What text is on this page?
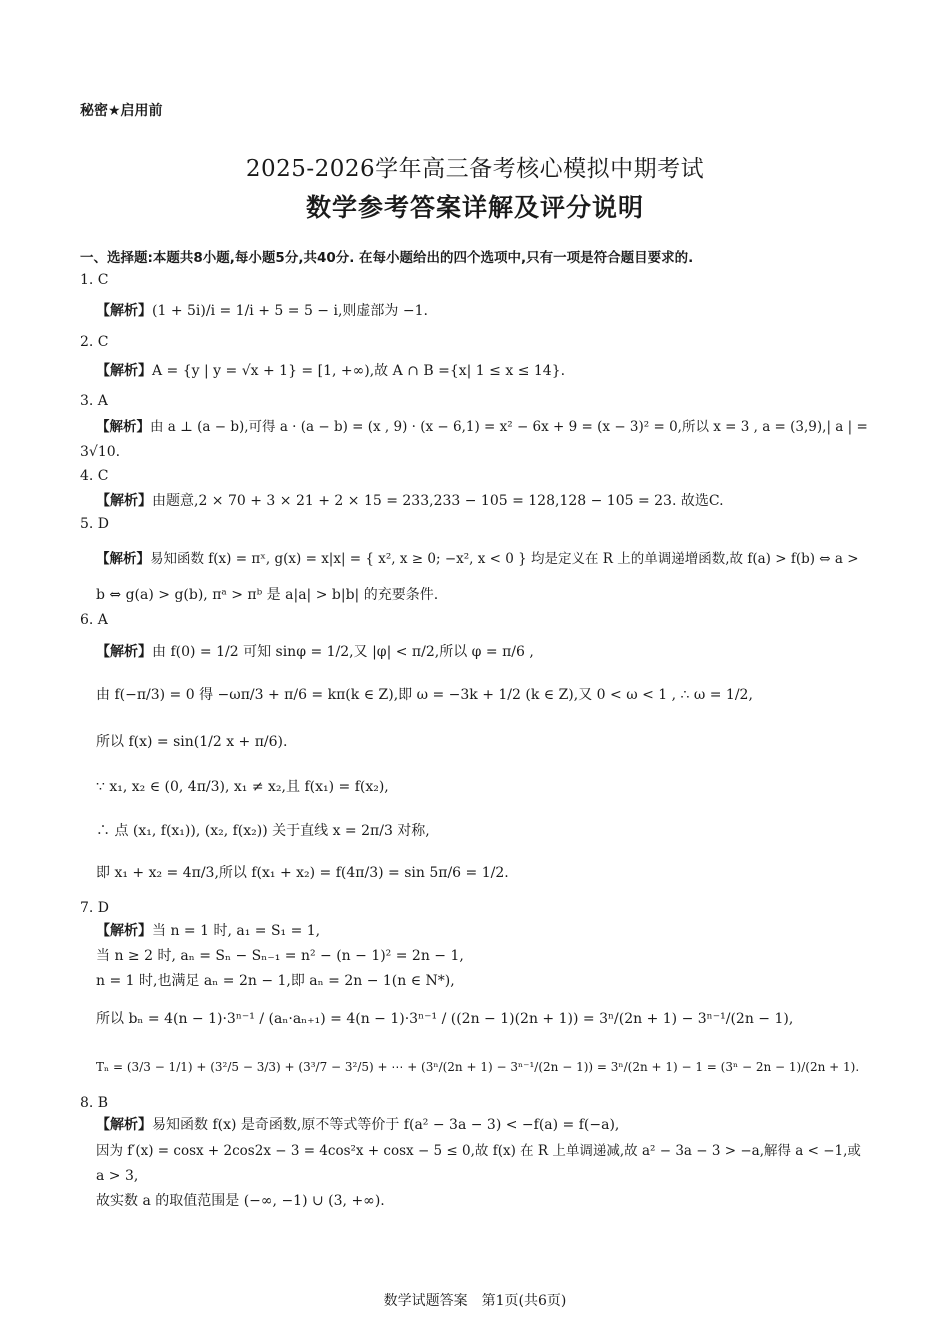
秘密★启用前
2025-2026学年高三备考核心模拟中期考试
数学参考答案详解及评分说明
一、选择题:本题共8小题,每小题5分,共40分. 在每小题给出的四个选项中,只有一项是符合题目要求的.
1. C
【解析】(1 + 5i)/i = 1/i + 5 = 5 − i,则虚部为 −1.
2. C
【解析】A = {y | y = √x + 1} = [1, +∞),故 A ∩ B ={x| 1 ≤ x ≤ 14}.
3. A
【解析】由 a ⊥ (a − b),可得 a · (a − b) = (x , 9) · (x − 6,1) = x² − 6x + 9 = (x − 3)² = 0,所以 x = 3 , a = (3,9),| a | =
3√10.
4. C
【解析】由题意,2 × 70 + 3 × 21 + 2 × 15 = 233,233 − 105 = 128,128 − 105 = 23. 故选C.
5. D
【解析】易知函数 f(x) = πˣ, g(x) = x|x| = { x², x ≥ 0; −x², x < 0 } 均是定义在 R 上的单调递增函数,故 f(a) > f(b) ⇔ a >
b ⇔ g(a) > g(b), πᵃ > πᵇ 是 a|a| > b|b| 的充要条件.
6. A
【解析】由 f(0) = 1/2 可知 sinφ = 1/2,又 |φ| < π/2,所以 φ = π/6 ,
由 f(−π/3) = 0 得 −ωπ/3 + π/6 = kπ(k ∈ Z),即 ω = −3k + 1/2 (k ∈ Z),又 0 < ω < 1 , ∴ ω = 1/2,
所以 f(x) = sin(1/2 x + π/6).
∵ x₁, x₂ ∈ (0, 4π/3), x₁ ≠ x₂,且 f(x₁) = f(x₂),
∴ 点 (x₁, f(x₁)), (x₂, f(x₂)) 关于直线 x = 2π/3 对称,
即 x₁ + x₂ = 4π/3,所以 f(x₁ + x₂) = f(4π/3) = sin 5π/6 = 1/2.
7. D
【解析】当 n = 1 时, a₁ = S₁ = 1,
当 n ≥ 2 时, aₙ = Sₙ − Sₙ₋₁ = n² − (n − 1)² = 2n − 1,
n = 1 时,也满足 aₙ = 2n − 1,即 aₙ = 2n − 1(n ∈ N*),
所以 bₙ = 4(n − 1)·3ⁿ⁻¹ / (aₙ·aₙ₊₁) = 4(n − 1)·3ⁿ⁻¹ / ((2n − 1)(2n + 1)) = 3ⁿ/(2n + 1) − 3ⁿ⁻¹/(2n − 1),
Tₙ = (3/3 − 1/1) + (3²/5 − 3/3) + (3³/7 − 3²/5) + ⋯ + (3ⁿ/(2n + 1) − 3ⁿ⁻¹/(2n − 1)) = 3ⁿ/(2n + 1) − 1 = (3ⁿ − 2n − 1)/(2n + 1).
8. B
【解析】易知函数 f(x) 是奇函数,原不等式等价于 f(a² − 3a − 3) < −f(a) = f(−a),
因为 f′(x) = cosx + 2cos2x − 3 = 4cos²x + cosx − 5 ≤ 0,故 f(x) 在 R 上单调递减,故 a² − 3a − 3 > −a,解得 a < −1,或
a > 3,
故实数 a 的取值范围是 (−∞, −1) ∪ (3, +∞).
数学试题答案　第1页(共6页)
